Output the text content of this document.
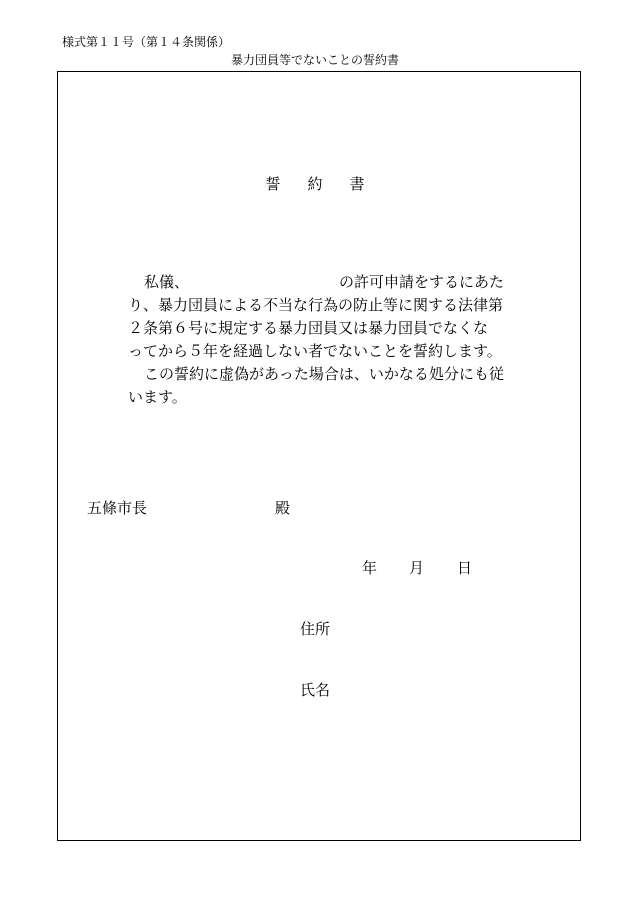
様式第１１号（第１４条関係）
暴力団員等でないことの誓約書
誓約書
私儀、	の許可申請をするにあた
り、暴力団員による不当な行為の防止等に関する法律第
２条第６号に規定する暴力団員又は暴力団員でなくな
ってから５年を経過しない者でないことを誓約します。
この誓約に虚偽があった場合は、いかなる処分にも従
います。
五條市長	殿
年 月 日
住所
氏名
